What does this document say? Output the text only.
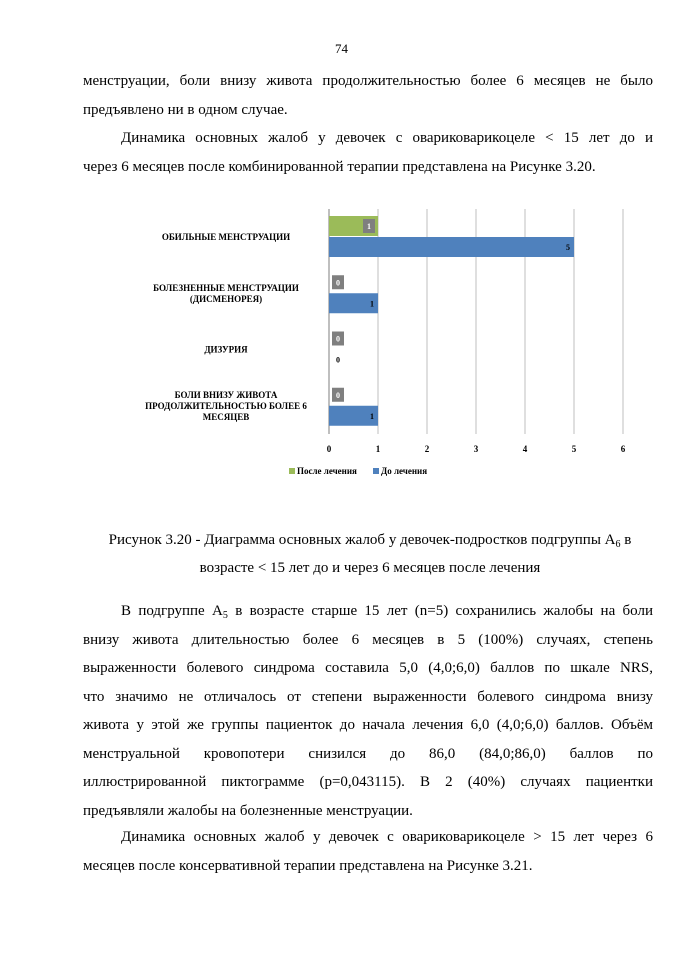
74

менструации, боли внизу живота продолжительностью более 6 месяцев не было
предъявлено ни в одном случае.

Динамика основных жалоб у девочек с овариковарикоцеле < 15 лет до и
через 6 месяцев после комбинированной терапии представлена на Рисунке 3.20.

1
5
0
1
0
0
0
1
ОБИЛЬНЫЕ МЕНСТРУАЦИИ
БОЛЕЗНЕННЫЕ МЕНСТРУАЦИИ
(ДИСМЕНОРЕЯ)
ДИЗУРИЯ
БОЛИ ВНИЗУ ЖИВОТА
ПРОДОЛЖИТЕЛЬНОСТЬЮ БОЛЕЕ 6
МЕСЯЦЕВ
0	1	2	3	4	5	6
После лечения	До лечения
Рисунок 3.20 - Диаграмма основных жалоб у девочек-подростков подгруппы $А_6$ в
возрасте < 15 лет до и через 6 месяцев после лечения

В подгруппе $А_5$ в возрасте старше 15 лет (n=5) сохранились жалобы на боли
внизу живота длительностью более 6 месяцев в 5 (100%) случаях, степень
выраженности болевого синдрома составила 5,0 (4,0;6,0) баллов по шкале NRS,
что значимо не отличалось от степени выраженности болевого синдрома внизу
живота у этой же группы пациенток до начала лечения 6,0 (4,0;6,0) баллов. Объём
менструальной кровопотери снизился до 86,0 (84,0;86,0) баллов по
иллюстрированной пиктограмме (p=0,043115). В 2 (40%) случаях пациентки
предъявляли жалобы на болезненные менструации.

Динамика основных жалоб у девочек с овариковарикоцеле > 15 лет через 6
месяцев после консервативной терапии представлена на Рисунке 3.21.
